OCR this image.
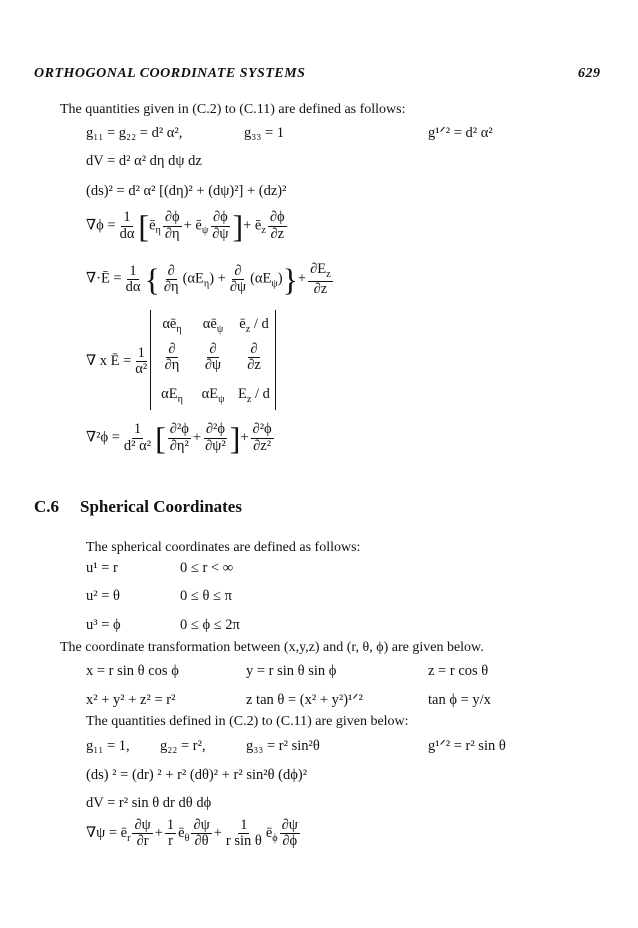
ORTHOGONAL COORDINATE SYSTEMS	629
The quantities given in (C.2) to (C.11) are defined as follows:
g₁₁ = g₂₂ = d² α²,	g₃₃ = 1	g¹ᐟ² = d² α²
dV = d² α² dη dψ dz
(ds)² = d² α² [(dη)² + (dψ)²] + (dz)²
$\nabla\phi = \frac{1}{d\alpha}$ [$ē_\eta \frac{\partial\phi}{\partial\eta}$ + $ē_\psi \frac{\partial\phi}{\partial\psi}$ ]+ $ē_z \frac{\partial\phi}{\partial z}$
∇·Ē = $\frac{1}{d\alpha}$ { $\frac{\partial}{\partial\eta} (\alpha E_\eta) + \frac{\partial}{\partial\psi} (\alpha E_\psi)\}+ \frac{\partial E_z}{\partial z}$
∇ x Ē = $\frac{1}{\text{α²}}$
$\alpha ē_\eta$	$\alpha ē_\psi$	$ē_z$ / d
$\frac{\partial}{\partial\eta} \frac{\partial}{\partial\psi} \frac{\partial}{\partial z}$
$\alpha E_\eta$	$\alpha E_\psi$ $E_z$ / d
$\nabla^2\phi = \frac{1}{\text{d² α²}}$ [ $\frac{\text{∂²ϕ}}{\text{∂η²}} + \frac{\text{∂²ϕ}}{\text{∂ψ²}}$ ]+ $\frac{\text{∂²ϕ}}{\text{∂z²}}$
C.6 Spherical Coordinates
The spherical coordinates are defined as follows:
u¹ = r	0 ≤ r < ∞
u² = θ	0 ≤ θ ≤ π
u³ = ϕ	0 ≤ ϕ ≤ 2π
The coordinate transformation between (x,y,z) and (r, θ, ϕ) are given below.
x = r sin θ cos ϕ	y = r sin θ sin ϕ	z = r cos θ
x² + y² + z² = r²	z tan θ = (x² + y²)¹ᐟ²	tan ϕ = y/x
The quantities defined in (C.2) to (C.11) are given below:
g₁₁ = 1, g₂₂ = r²,	g₃₃ = r² sin²θ	g¹ᐟ² = r² sin θ
(ds) ² = (dr) ² + r² (dθ)² + r² sin²θ (dϕ)²
dV = r² sin θ dr dθ dϕ
$\nabla\psi = ē_r \frac{\partial\psi}{\partial r} + \frac{1}{r}$ $ē_\theta \frac{\partial\psi}{\partial\theta} + \frac{1}{\text{r sin θ}}$ $ē_\phi \frac{\partial\psi}{\partial\phi}$
